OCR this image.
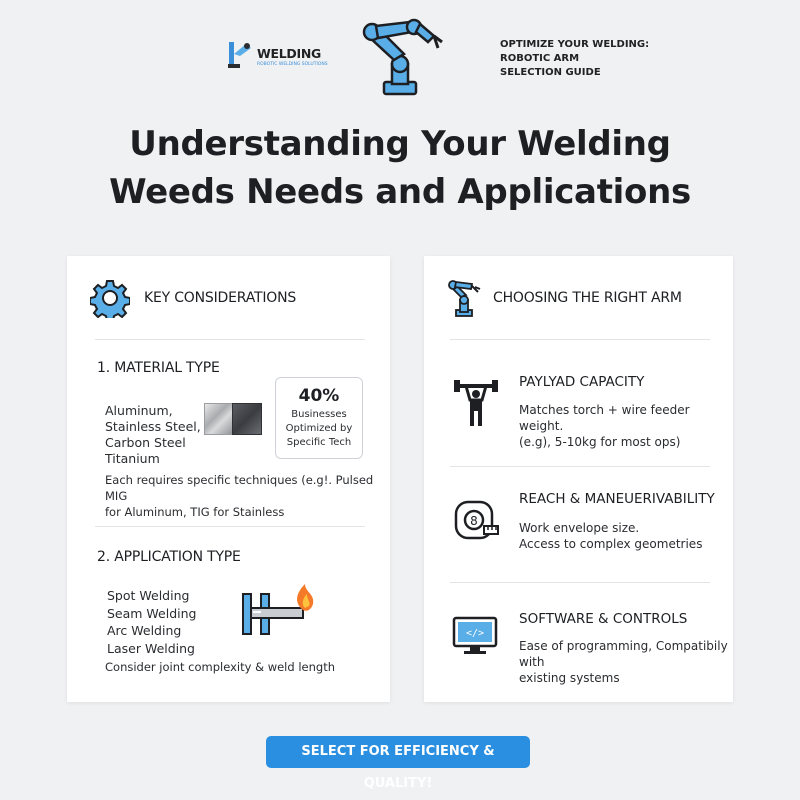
WELDING
ROBOTIC WELDING SOLUTIONS
OPTIMIZE YOUR WELDING:
ROBOTIC ARM
SELECTION GUIDE
Understanding Your Welding
Weeds Needs and Applications
KEY CONSIDERATIONS
1. MATERIAL TYPE
Aluminum,
Stainless Steel,
Carbon Steel
Titanium
40%
Businesses
Optimized by
Specific Tech
Each requires specific techniques (e.g!. Pulsed MIG
for Aluminum, TIG for Stainless
2. APPLICATION TYPE
Spot Welding
Seam Welding
Arc Welding
Laser Welding
Consider joint complexity & weld length
CHOOSING THE RIGHT ARM
PAYLYAD CAPACITY
Matches torch + wire feeder weight.
(e.g), 5-10kg for most ops)
8
REACH & MANEUERIVABILITY
Work envelope size.
Access to complex geometries
</>
SOFTWARE & CONTROLS
Ease of programming, Compatibily with
existing systems
SELECT FOR EFFICIENCY & QUALITY!
